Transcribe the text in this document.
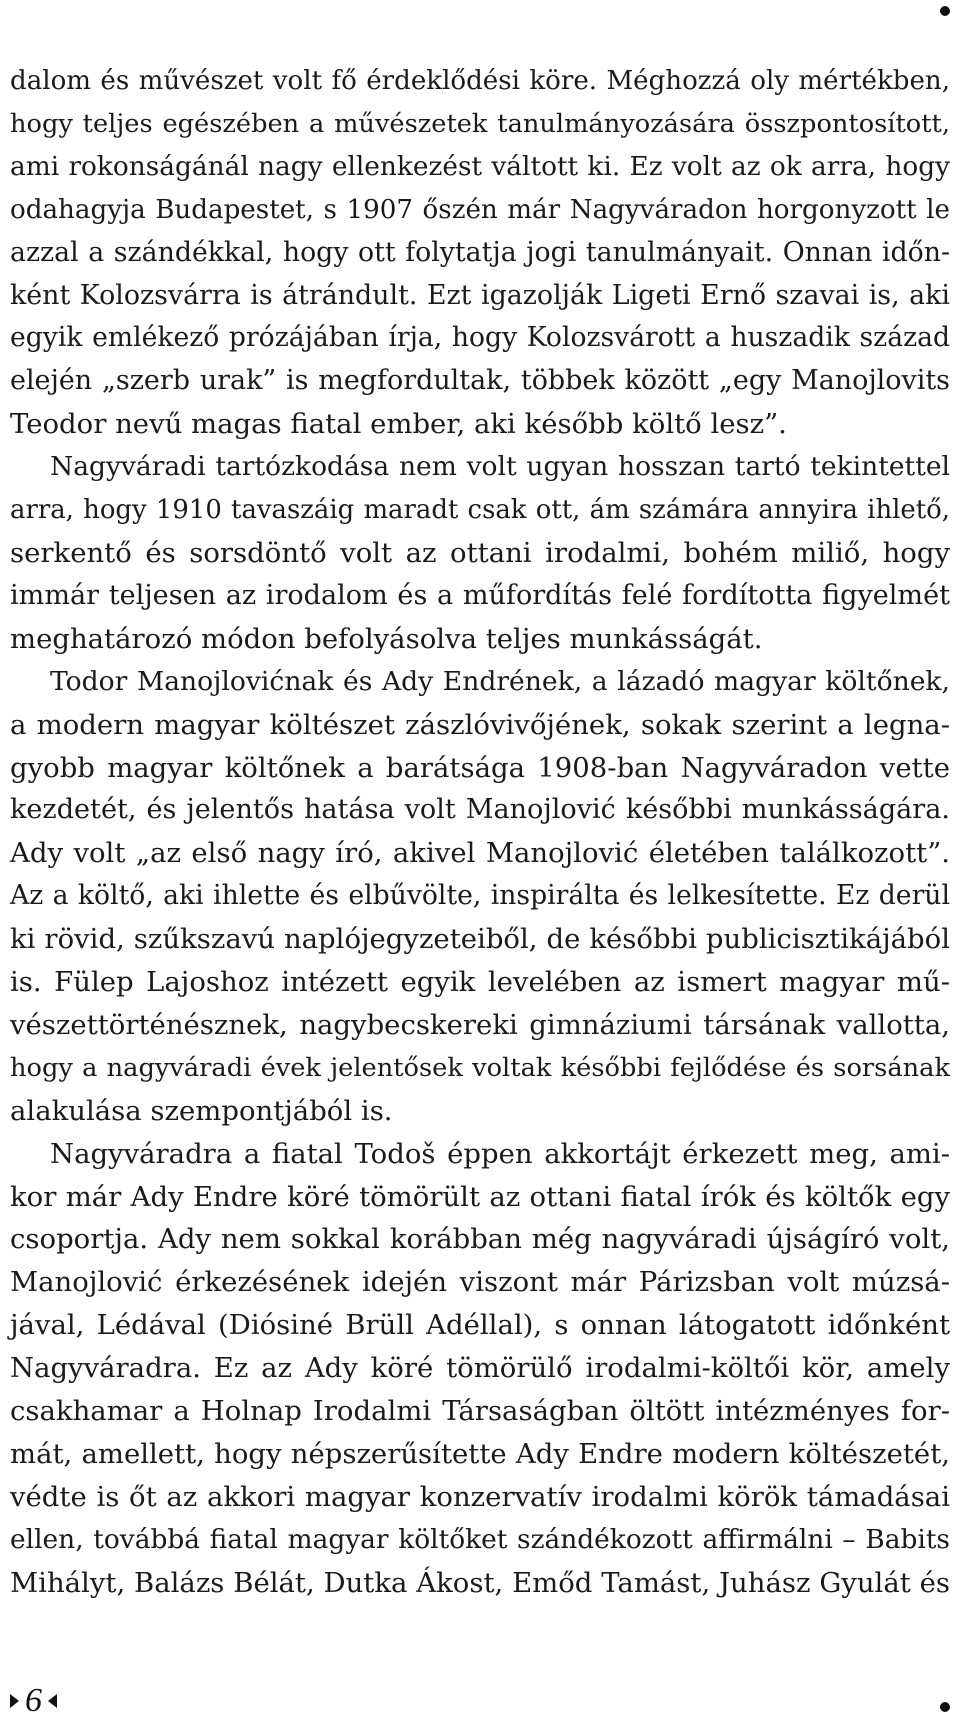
dalom és művészet volt fő érdeklődési köre. Méghozzá oly mértékben,
hogy teljes egészében a művészetek tanulmányozására összpontosított,
ami rokonságánál nagy ellenkezést váltott ki. Ez volt az ok arra, hogy
odahagyja Budapestet, s 1907 őszén már Nagyváradon horgonyzott le
azzal a szándékkal, hogy ott folytatja jogi tanulmányait. Onnan időn-
ként Kolozsvárra is átrándult. Ezt igazolják Ligeti Ernő szavai is, aki
egyik emlékező prózájában írja, hogy Kolozsvárott a huszadik század
elején „szerb urak” is megfordultak, többek között „egy Manojlovits
Teodor nevű magas fiatal ember, aki később költő lesz”.

Nagyváradi tartózkodása nem volt ugyan hosszan tartó tekintettel
arra, hogy 1910 tavaszáig maradt csak ott, ám számára annyira ihlető,
serkentő és sorsdöntő volt az ottani irodalmi, bohém miliő, hogy
immár teljesen az irodalom és a műfordítás felé fordította figyelmét
meghatározó módon befolyásolva teljes munkásságát.

Todor Manojlovićnak és Ady Endrének, a lázadó magyar költőnek,
a modern magyar költészet zászlóvivőjének, sokak szerint a legna-
gyobb magyar költőnek a barátsága 1908-ban Nagyváradon vette
kezdetét, és jelentős hatása volt Manojlović későbbi munkásságára.
Ady volt „az első nagy író, akivel Manojlović életében találkozott”.
Az a költő, aki ihlette és elbűvölte, inspirálta és lelkesítette. Ez derül
ki rövid, szűkszavú naplójegyzeteiből, de későbbi publicisztikájából
is. Fülep Lajoshoz intézett egyik levelében az ismert magyar mű-
vészettörténésznek, nagybecskereki gimnáziumi társának vallotta,
hogy a nagyváradi évek jelentősek voltak későbbi fejlődése és sorsának
alakulása szempontjából is.

Nagyváradra a fiatal Todoš éppen akkortájt érkezett meg, ami-
kor már Ady Endre köré tömörült az ottani fiatal írók és költők egy
csoportja. Ady nem sokkal korábban még nagyváradi újságíró volt,
Manojlović érkezésének idején viszont már Párizsban volt múzsá-
jával, Lédával (Diósiné Brüll Adéllal), s onnan látogatott időnként
Nagyváradra. Ez az Ady köré tömörülő irodalmi-költői kör, amely
csakhamar a Holnap Irodalmi Társaságban öltött intézményes for-
mát, amellett, hogy népszerűsítette Ady Endre modern költészetét,
védte is őt az akkori magyar konzervatív irodalmi körök támadásai
ellen, továbbá fiatal magyar költőket szándékozott affirmálni – Babits
Mihályt, Balázs Bélát, Dutka Ákost, Emőd Tamást, Juhász Gyulát és

6
